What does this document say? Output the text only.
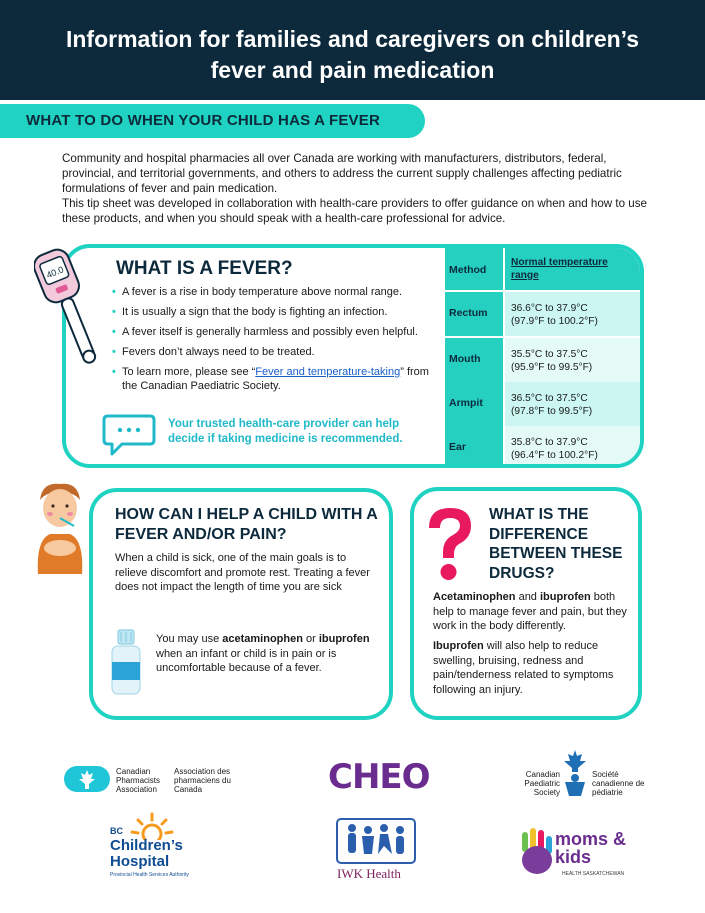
Information for families and caregivers on children’s fever and pain medication
WHAT TO DO WHEN YOUR CHILD HAS A FEVER

Community and hospital pharmacies all over Canada are working with manufacturers, distributors, federal, provincial, and territorial governments, and others to address the current supply challenges affecting pediatric formulations of fever and pain medication.

This tip sheet was developed in collaboration with health-care providers to offer guidance on when and how to use these products, and when you should speak with a health-care professional for advice.

40.0	WHAT IS A FEVER?
• A fever is a rise in body temperature above normal range.
• It is usually a sign that the body is fighting an infection.
• A fever itself is generally harmless and possibly even helpful.
• Fevers don’t always need to be treated.
• To learn more, please see “Fever and temperature-taking” from the Canadian Paediatric Society.
Your trusted health-care provider can help decide if taking medicine is recommended.
Method
Normal temperature range
Rectum 36.6°C to 37.9°C
(97.9°F to 100.2°F)
Mouth	35.5°C to 37.5°C
(95.9°F to 99.5°F)
Armpit	36.5°C to 37.5°C
(97.8°F to 99.5°F)
Ear	35.8°C to 37.9°C
(96.4°F to 100.2°F)
HOW CAN I HELP A CHILD WITH A FEVER AND/OR PAIN?

When a child is sick, one of the main goals is to relieve discomfort and promote rest. Treating a fever does not impact the length of time you are sick

You may use acetaminophen or ibuprofen when an infant or child is in pain or is uncomfortable because of a fever.

WHAT IS THE DIFFERENCE BETWEEN THESE DRUGS?

Acetaminophen and ibuprofen both help to manage fever and pain, but they work in the body differently.

Ibuprofen will also help to reduce swelling, bruising, redness and pain/tenderness related to symptoms following an injury.

Canadian Pharmacists Association
Association des pharmaciens du Canada	CHEO	Canadian Paediatric Society
Société canadienne de pédiatrie
BC
Children’s Hospital
Provincial Health Services Authority	IWK Health
moms & kids
HEALTH SASKATCHEWAN
